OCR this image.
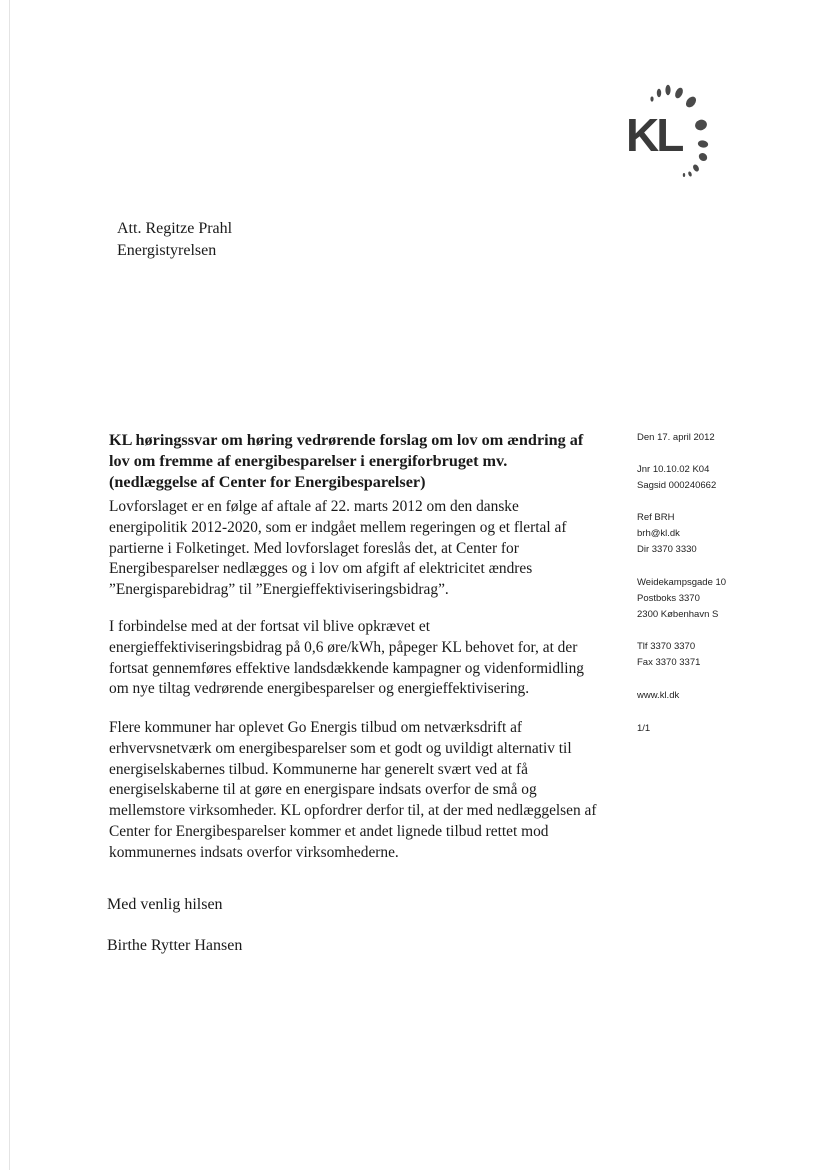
KL
Att. Regitze Prahl
Energistyrelsen
KL høringssvar om høring vedrørende forslag om lov om ændring af lov om fremme af energibesparelser i energiforbruget mv. (nedlæggelse af Center for Energibesparelser)

Lovforslaget er en følge af aftale af 22. marts 2012 om den danske energipolitik 2012-2020, som er indgået mellem regeringen og et flertal af partierne i Folketinget. Med lovforslaget foreslås det, at Center for Energibesparelser nedlægges og i lov om afgift af elektricitet ændres ”Energisparebidrag” til ”Energieffektiviseringsbidrag”.

I forbindelse med at der fortsat vil blive opkrævet et energieffektiviseringsbidrag på 0,6 øre/kWh, påpeger KL behovet for, at der fortsat gennemføres effektive landsdækkende kampagner og videnformidling om nye tiltag vedrørende energibesparelser og energieffektivisering.

Flere kommuner har oplevet Go Energis tilbud om netværksdrift af erhvervsnetværk om energibesparelser som et godt og uvildigt alternativ til energiselskabernes tilbud. Kommunerne har generelt svært ved at få energiselskaberne til at gøre en energispare indsats overfor de små og mellemstore virksomheder. KL opfordrer derfor til, at der med nedlæggelsen af Center for Energibesparelser kommer et andet lignede tilbud rettet mod kommunernes indsats overfor virksomhederne.

Med venlig hilsen
Birthe Rytter Hansen

Den 17. april 2012

Jnr 10.10.02 K04

Sagsid 000240662

Ref BRH

brh@kl.dk

Dir 3370 3330

Weidekampsgade 10

Postboks 3370

2300 København S

Tlf 3370 3370

Fax 3370 3371

www.kl.dk

1/1
